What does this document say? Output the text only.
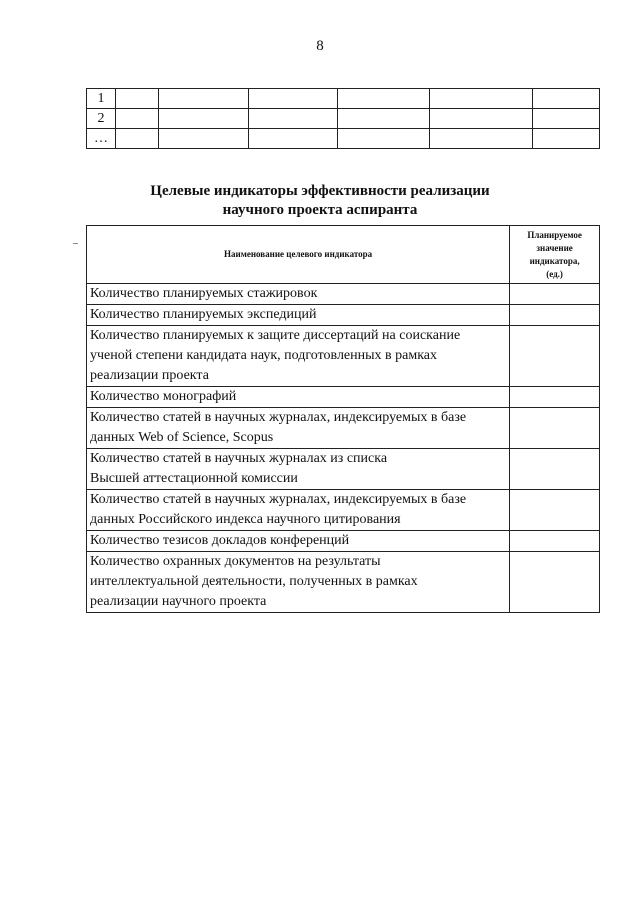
8
1						
2						
…						
Целевые индикаторы эффективности реализации
научного проекта аспиранта
Наименование целевого индикатора	Планируемое
значение
индикатора,
(ед.)

Количество планируемых стажировок	

Количество планируемых экспедиций	

Количество планируемых к защите диссертаций на соискание
ученой степени кандидата наук, подготовленных в рамках
реализации проекта	

Количество монографий	

Количество статей в научных журналах, индексируемых в базе
данных Web of Science, Scopus	

Количество статей в научных журналах из списка
Высшей аттестационной комиссии	

Количество статей в научных журналах, индексируемых в базе
данных Российского индекса научного цитирования	

Количество тезисов докладов конференций	

Количество охранных документов на результаты
интеллектуальной деятельности, полученных в рамках
реализации научного проекта	
